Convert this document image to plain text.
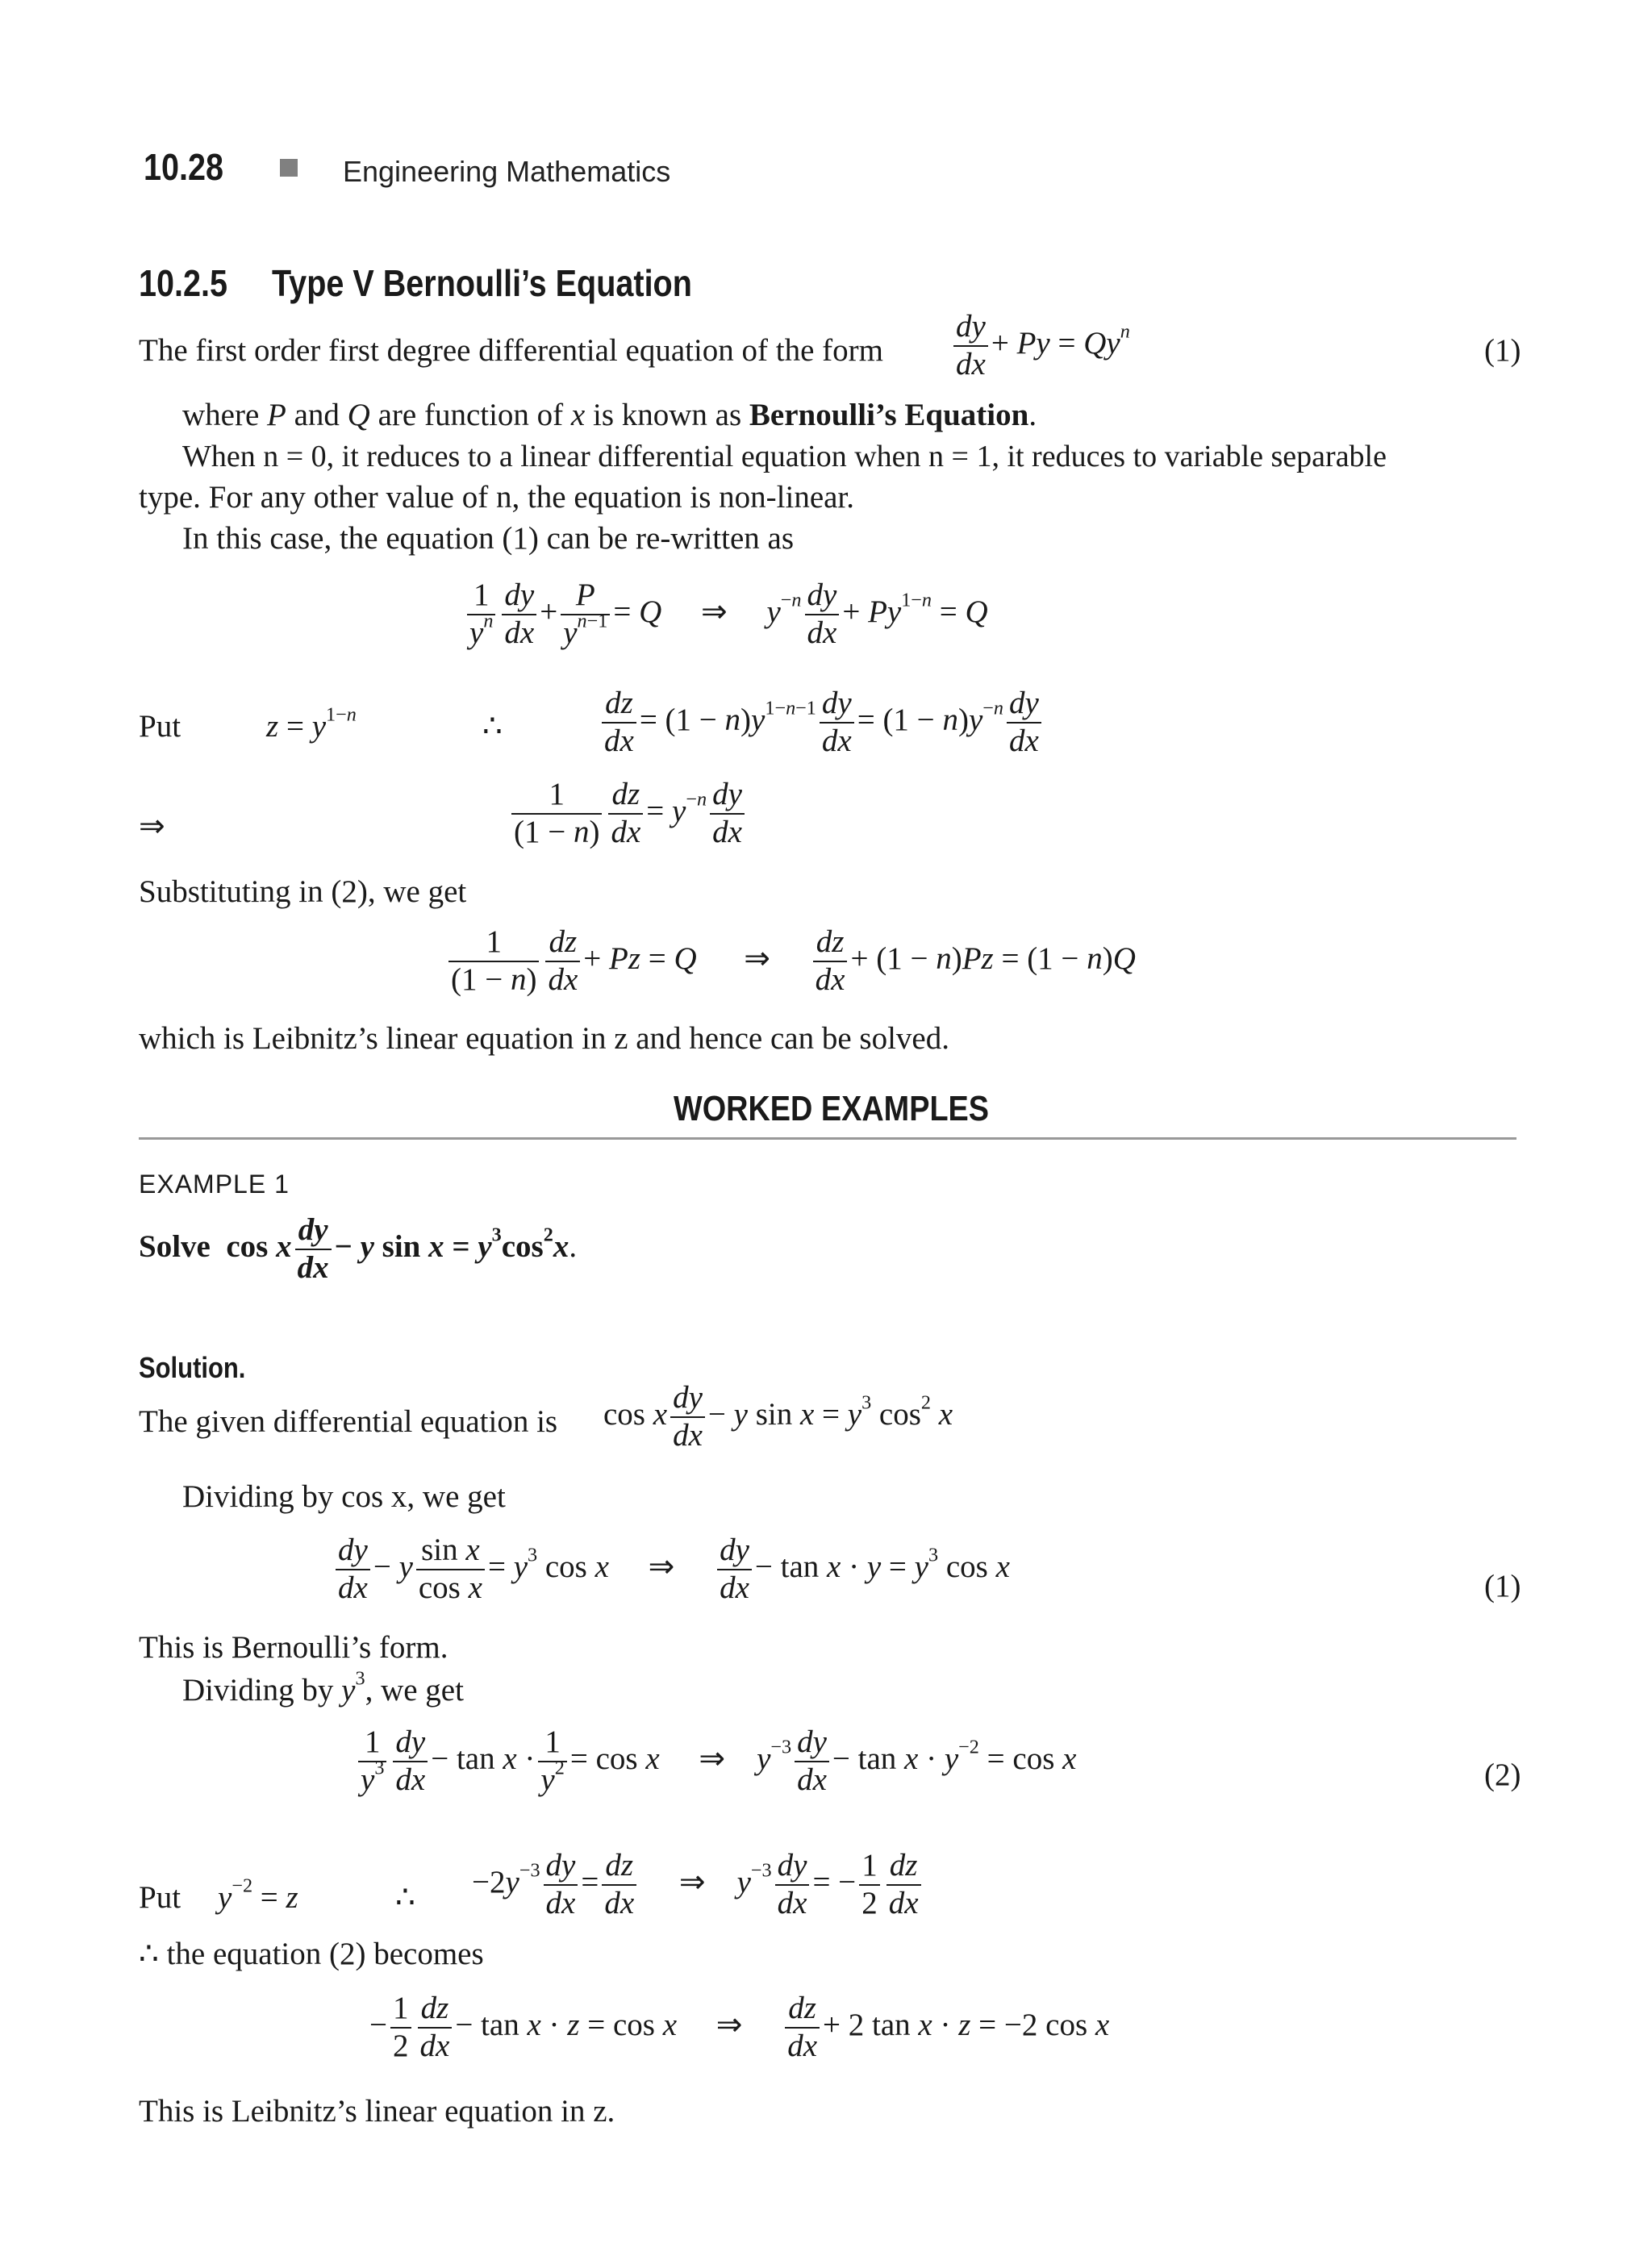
10.28	Engineering Mathematics
10.2.5 Type V Bernoulli’s Equation
The first order first degree differential equation of the form $\frac{dy}{dx} + Py = Qy^n$
(1)
where P and Q are function of x is known as Bernoulli’s Equation.
When n = 0, it reduces to a linear differential equation when n = 1, it reduces to variable separable
type. For any other value of n, the equation is non-linear.
In this case, the equation (1) can be re-written as
$\frac{1}{y^n} \frac{dy}{dx} + \frac{P}{y^{n-1}} = Q$     ⇒     $y^{-n} \frac{dy}{dx} + Py^{1-n} = Q$
Put	$z = y^{1-n}$	∴	$\frac{dz}{dx} = (1 - n)y^{1-n-1} \frac{dy}{dx} = (1 - n)y^{-n} \frac{dy}{dx}$
⇒	$\frac{1}{(1 - n)} \frac{dz}{dx} = y^{-n} \frac{dy}{dx}$
Substituting in (2), we get
$\frac{1}{(1 - n)} \frac{dz}{dx} + Pz = Q$      ⇒ $\frac{dz}{dx} + (1 - n)Pz = (1 - n)Q$
which is Leibnitz’s linear equation in z and hence can be solved.
WORKED EXAMPLES
EXAMPLE 1
Solve  cos x $\frac{dy}{dx} - y$ $\sin x = y^3\cos^2x$.
Solution.
The given differential equation is cos x $\frac{dy}{dx} - y$ $\sin x = y^3$ $\cos^2 x$
Dividing by cos x, we get
$\frac{dy}{dx} - y \frac{\text{sin x}}{\text{cos x}} = y^3$ cos x     ⇒ $\frac{dy}{dx} - \tan x \cdot y = y^3$ cos x
(1)
This is Bernoulli’s form.
Dividing by $y^3$, we get
$\frac{1}{y^3} \frac{dy}{dx} - \tan x \cdot \frac{1}{y^2} = \cos x$     ⇒    $y^{-3} \frac{dy}{dx} - \tan x \cdot y^{-2} = \cos x$	(2)
Put $y^{-2} = z$	∴ $-2y^{-3} \frac{dy}{dx} = \frac{dz}{dx}$ ⇒    $y^{-3} \frac{dy}{dx}$ = − $\frac{1}{2} \frac{dz}{dx}$
∴ the equation (2) becomes
− $\frac{1}{2} \frac{dz}{dx} - \tan x \cdot z = \cos x$     ⇒ $\frac{dz}{dx} + 2$ tan x · z = −2 cos x
This is Leibnitz’s linear equation in z.
